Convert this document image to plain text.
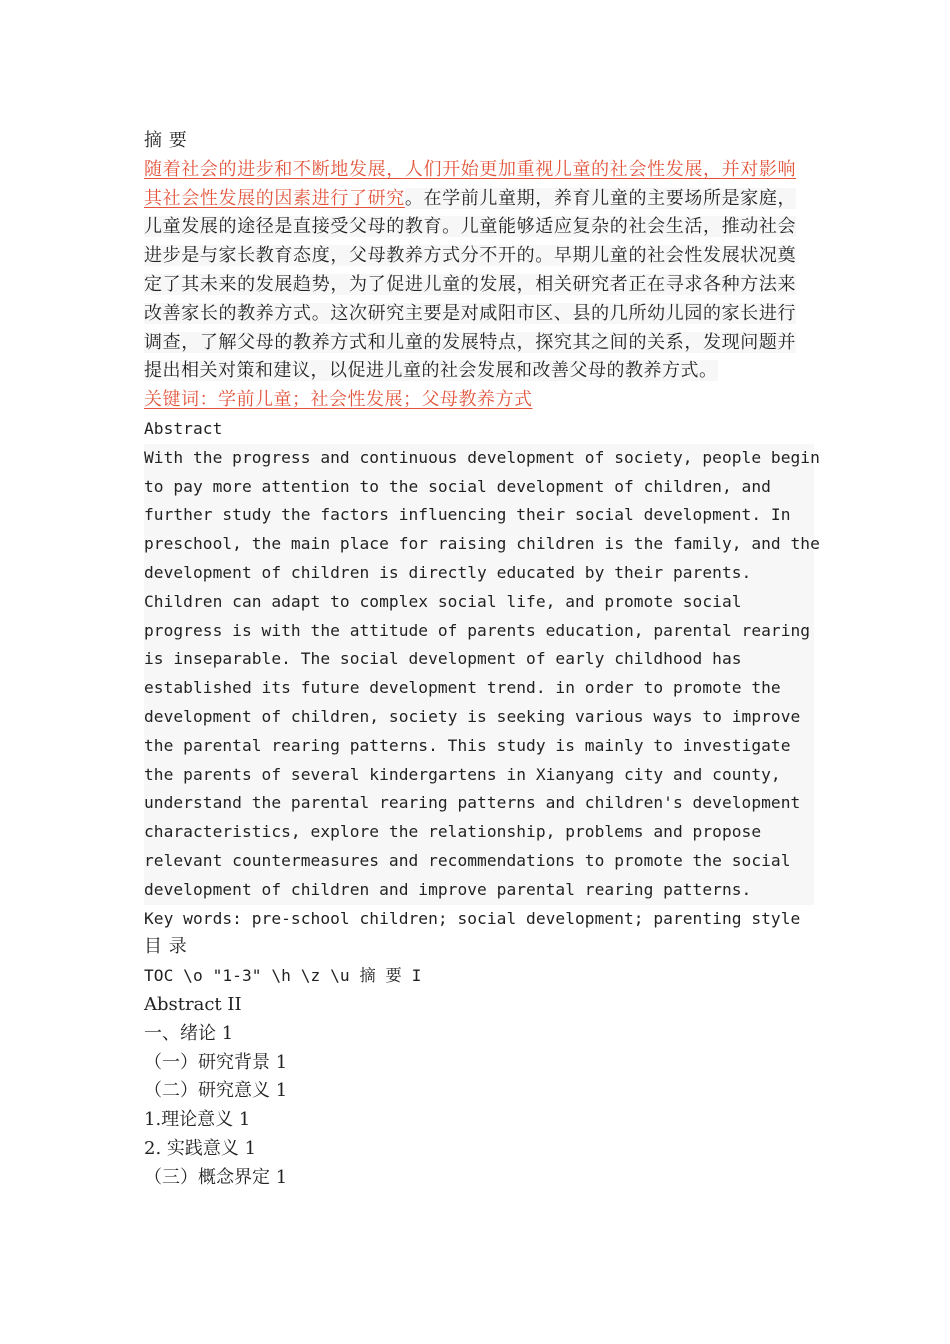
摘 要
随着社会的进步和不断地发展，人们开始更加重视儿童的社会性发展，并对影响其社会性发展的因素进行了研究。在学前儿童期，养育儿童的主要场所是家庭，儿童发展的途径是直接受父母的教育。儿童能够适应复杂的社会生活，推动社会进步是与家长教育态度，父母教养方式分不开的。早期儿童的社会性发展状况奠定了其未来的发展趋势，为了促进儿童的发展，相关研究者正在寻求各种方法来改善家长的教养方式。这次研究主要是对咸阳市区、县的几所幼儿园的家长进行调查，了解父母的教养方式和儿童的发展特点，探究其之间的关系，发现问题并提出相关对策和建议，以促进儿童的社会发展和改善父母的教养方式。
关键词：学前儿童；社会性发展；父母教养方式
Abstract
With the progress and continuous development of society, people begin
to pay more attention to the social development of children, and
further study the factors influencing their social development. In
preschool, the main place for raising children is the family, and the
development of children is directly educated by their parents.
Children can adapt to complex social life, and promote social
progress is with the attitude of parents education, parental rearing
is inseparable. The social development of early childhood has
established its future development trend. in order to promote the
development of children, society is seeking various ways to improve
the parental rearing patterns. This study is mainly to investigate
the parents of several kindergartens in Xianyang city and county,
understand the parental rearing patterns and children's development
characteristics, explore the relationship, problems and propose
relevant countermeasures and recommendations to promote the social
development of children and improve parental rearing patterns.
Key words: pre-school children; social development; parenting style
目 录
TOC \o "1-3" \h \z \u 摘 要 I
Abstract II
一、绪论 1
（一）研究背景 1
（二）研究意义 1
1.理论意义 1
2. 实践意义 1
（三）概念界定 1
